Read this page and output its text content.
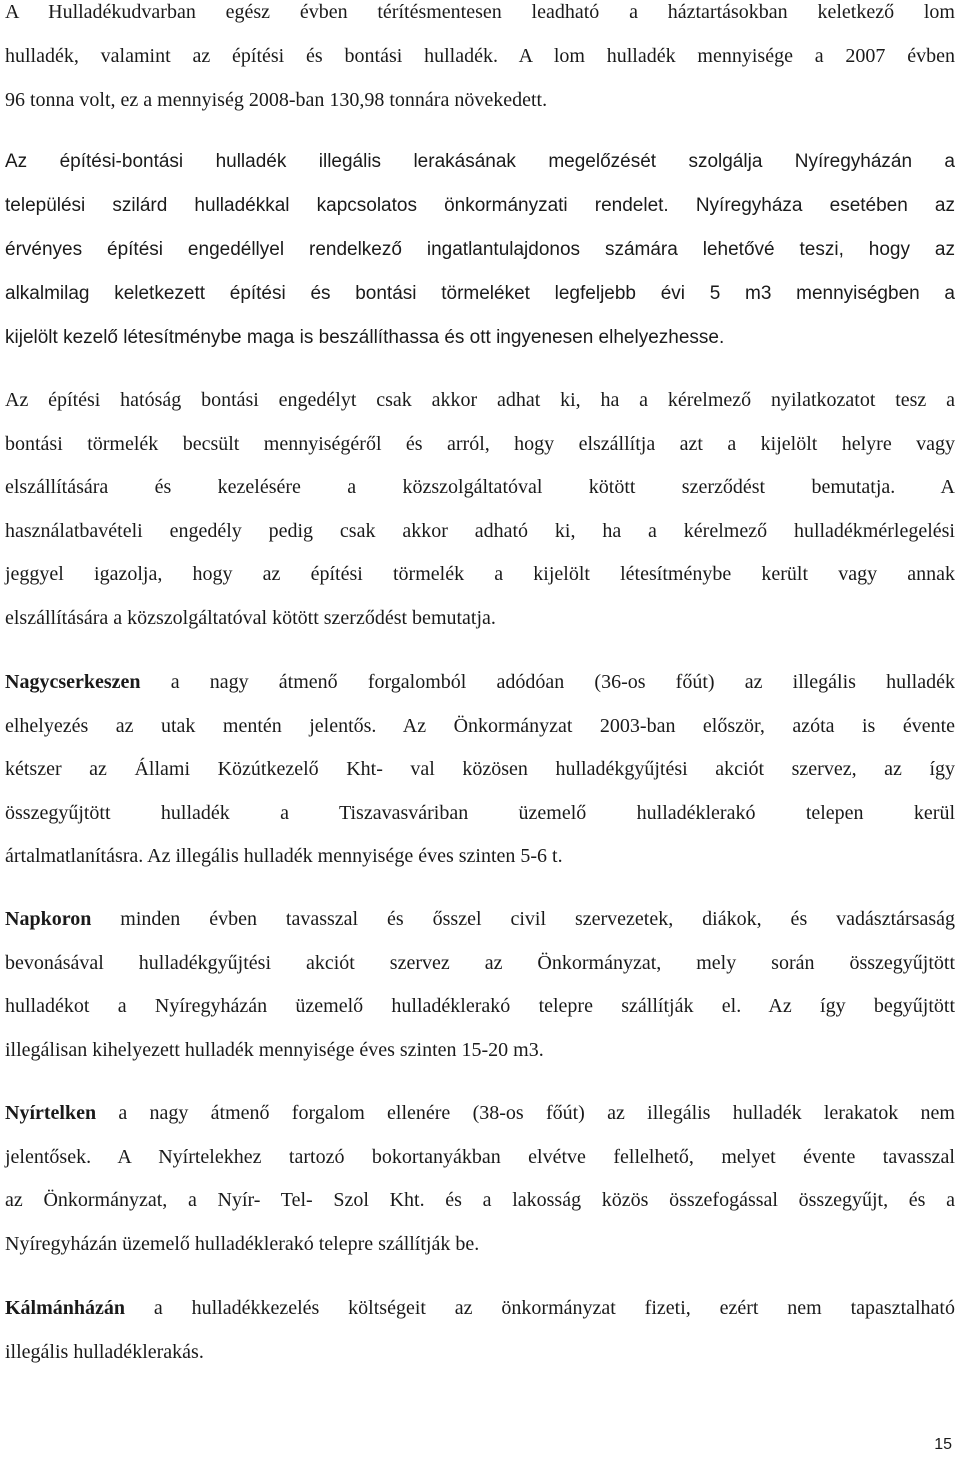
A Hulladékudvarban egész évben térítésmentesen leadható a háztartásokban keletkező lom
hulladék, valamint az építési és bontási hulladék. A lom hulladék mennyisége a 2007 évben
96 tonna volt, ez a mennyiség 2008-ban 130,98 tonnára növekedett.
Az építési-bontási hulladék illegális lerakásának megelőzését szolgálja Nyíregyházán a
települési szilárd hulladékkal kapcsolatos önkormányzati rendelet. Nyíregyháza esetében az
érvényes építési engedéllyel rendelkező ingatlantulajdonos számára lehetővé teszi, hogy az
alkalmilag keletkezett építési és bontási törmeléket legfeljebb évi 5 m3 mennyiségben a
kijelölt kezelő létesítménybe maga is beszállíthassa és ott ingyenesen elhelyezhesse.
Az építési hatóság bontási engedélyt csak akkor adhat ki, ha a kérelmező nyilatkozatot tesz a
bontási törmelék becsült mennyiségéről és arról, hogy elszállítja azt a kijelölt helyre vagy
elszállítására és kezelésére a közszolgáltatóval kötött szerződést bemutatja. A
használatbavételi engedély pedig csak akkor adható ki, ha a kérelmező hulladékmérlegelési
jeggyel igazolja, hogy az építési törmelék a kijelölt létesítménybe került vagy annak
elszállítására a közszolgáltatóval kötött szerződést bemutatja.
Nagycserkeszen a nagy átmenő forgalomból adódóan (36-os főút) az illegális hulladék
elhelyezés az utak mentén jelentős. Az Önkormányzat 2003-ban először, azóta is évente
kétszer az Állami Közútkezelő Kht- val közösen hulladékgyűjtési akciót szervez, az így
összegyűjtött hulladék a Tiszavasváriban üzemelő hulladéklerakó telepen kerül
ártalmatlanításra. Az illegális hulladék mennyisége éves szinten 5-6 t.
Napkoron minden évben tavasszal és ősszel civil szervezetek, diákok, és vadásztársaság
bevonásával hulladékgyűjtési akciót szervez az Önkormányzat, mely során összegyűjtött
hulladékot a Nyíregyházán üzemelő hulladéklerakó telepre szállítják el. Az így begyűjtött
illegálisan kihelyezett hulladék mennyisége éves szinten 15-20 m3.
Nyírtelken a nagy átmenő forgalom ellenére (38-os főút) az illegális hulladék lerakatok nem
jelentősek. A Nyírtelekhez tartozó bokortanyákban elvétve fellelhető, melyet évente tavasszal
az Önkormányzat, a Nyír- Tel- Szol Kht. és a lakosság közös összefogással összegyűjt, és a
Nyíregyházán üzemelő hulladéklerakó telepre szállítják be.
Kálmánházán a hulladékkezelés költségeit az önkormányzat fizeti, ezért nem tapasztalható
illegális hulladéklerakás.
15
